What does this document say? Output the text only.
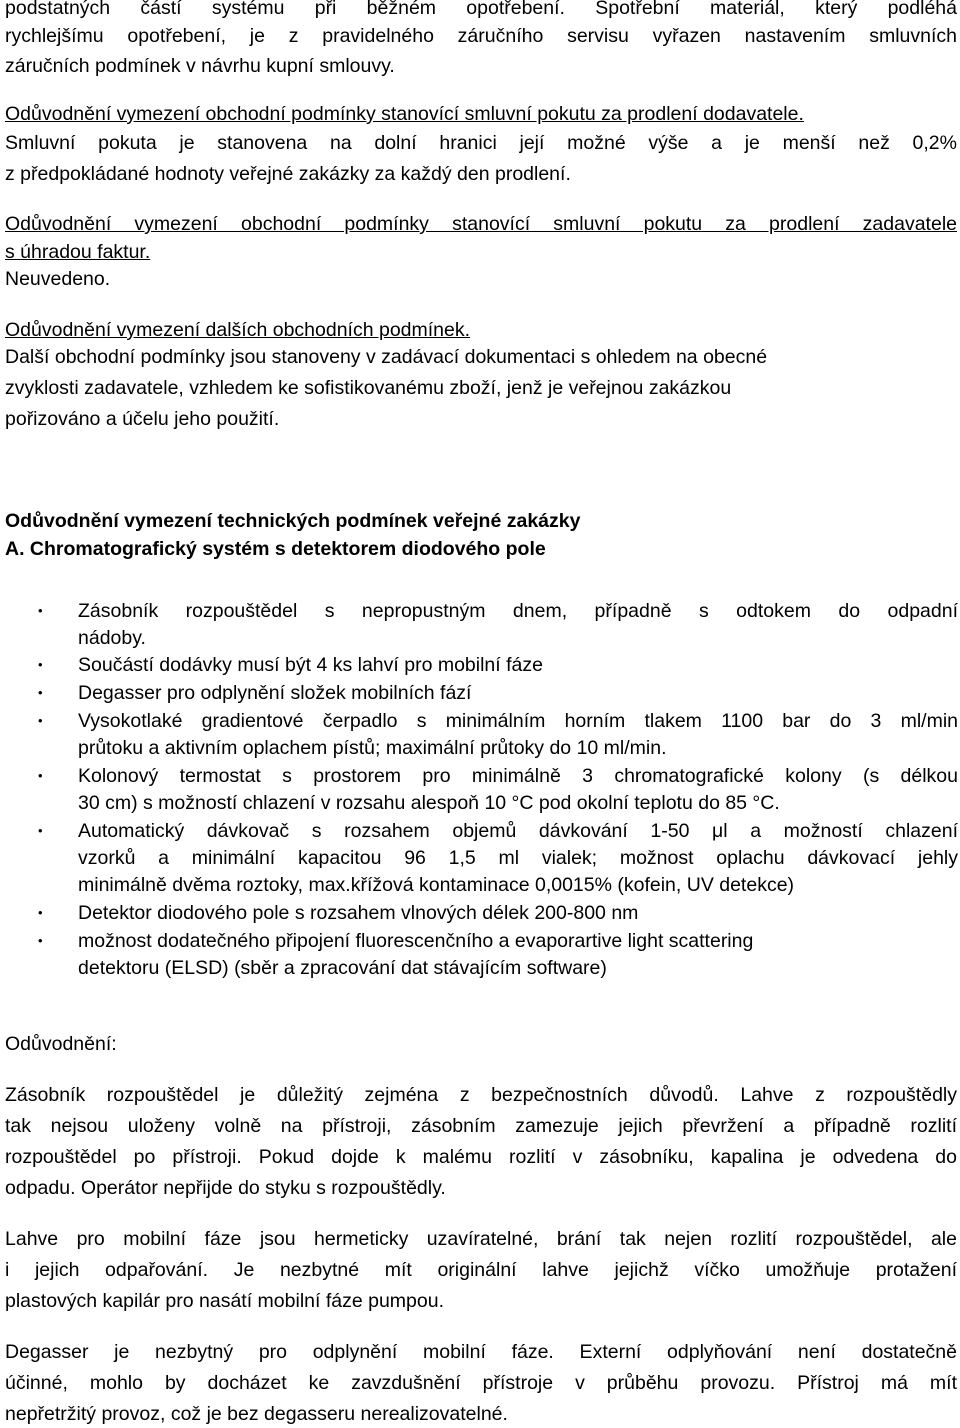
podstatných částí systému při běžném opotřebení. Spotřební materiál, který podléhá
rychlejšímu opotřebení, je z pravidelného záručního servisu vyřazen nastavením smluvních
záručních podmínek v návrhu kupní smlouvy.
Odůvodnění vymezení obchodní podmínky stanovící smluvní pokutu za prodlení dodavatele.
Smluvní pokuta je stanovena na dolní hranici její možné výše a je menší než 0,2%
z předpokládané hodnoty veřejné zakázky za každý den prodlení.
Odůvodnění vymezení obchodní podmínky stanovící smluvní pokutu za prodlení zadavatele
s úhradou faktur.
Neuvedeno.
Odůvodnění vymezení dalších obchodních podmínek.
Další obchodní podmínky jsou stanoveny v zadávací dokumentaci s ohledem na obecné
zvyklosti zadavatele, vzhledem ke sofistikovanému zboží, jenž je veřejnou zakázkou
pořizováno a účelu jeho použití.
Odůvodnění vymezení technických podmínek veřejné zakázky
A. Chromatografický systém s detektorem diodového pole
• Zásobník rozpouštědel s nepropustným dnem, případně s odtokem do odpadní
nádoby.
• Součástí dodávky musí být 4 ks lahví pro mobilní fáze
• Degasser pro odplynění složek mobilních fází
• Vysokotlaké gradientové čerpadlo s minimálním horním tlakem 1100 bar do 3 ml/min
průtoku a aktivním oplachem pístů; maximální průtoky do 10 ml/min.
• Kolonový termostat s prostorem pro minimálně 3 chromatografické kolony (s délkou
30 cm) s možností chlazení v rozsahu alespoň 10 °C pod okolní teplotu do 85 °C.
• Automatický dávkovač s rozsahem objemů dávkování 1-50 μl a možností chlazení
vzorků a minimální kapacitou 96 1,5 ml vialek; možnost oplachu dávkovací jehly
minimálně dvěma roztoky, max.křížová kontaminace 0,0015% (kofein, UV detekce)
• Detektor diodového pole s rozsahem vlnových délek 200-800 nm
• možnost dodatečného připojení fluorescenčního a evaporartive light scattering
detektoru (ELSD) (sběr a zpracování dat stávajícím software)
Odůvodnění:
Zásobník rozpouštědel je důležitý zejména z bezpečnostních důvodů. Lahve z rozpouštědly
tak nejsou uloženy volně na přístroji, zásobním zamezuje jejich převržení a případně rozlití
rozpouštědel po přístroji. Pokud dojde k malému rozlití v zásobníku, kapalina je odvedena do
odpadu. Operátor nepřijde do styku s rozpouštědly.
Lahve pro mobilní fáze jsou hermeticky uzavíratelné, brání tak nejen rozlití rozpouštědel, ale
i jejich odpařování. Je nezbytné mít originální lahve jejichž víčko umožňuje protažení
plastových kapilár pro nasátí mobilní fáze pumpou.
Degasser je nezbytný pro odplynění mobilní fáze. Externí odplyňování není dostatečně
účinné, mohlo by docházet ke zavzdušnění přístroje v průběhu provozu. Přístroj má mít
nepřetržitý provoz, což je bez degasseru nerealizovatelné.
